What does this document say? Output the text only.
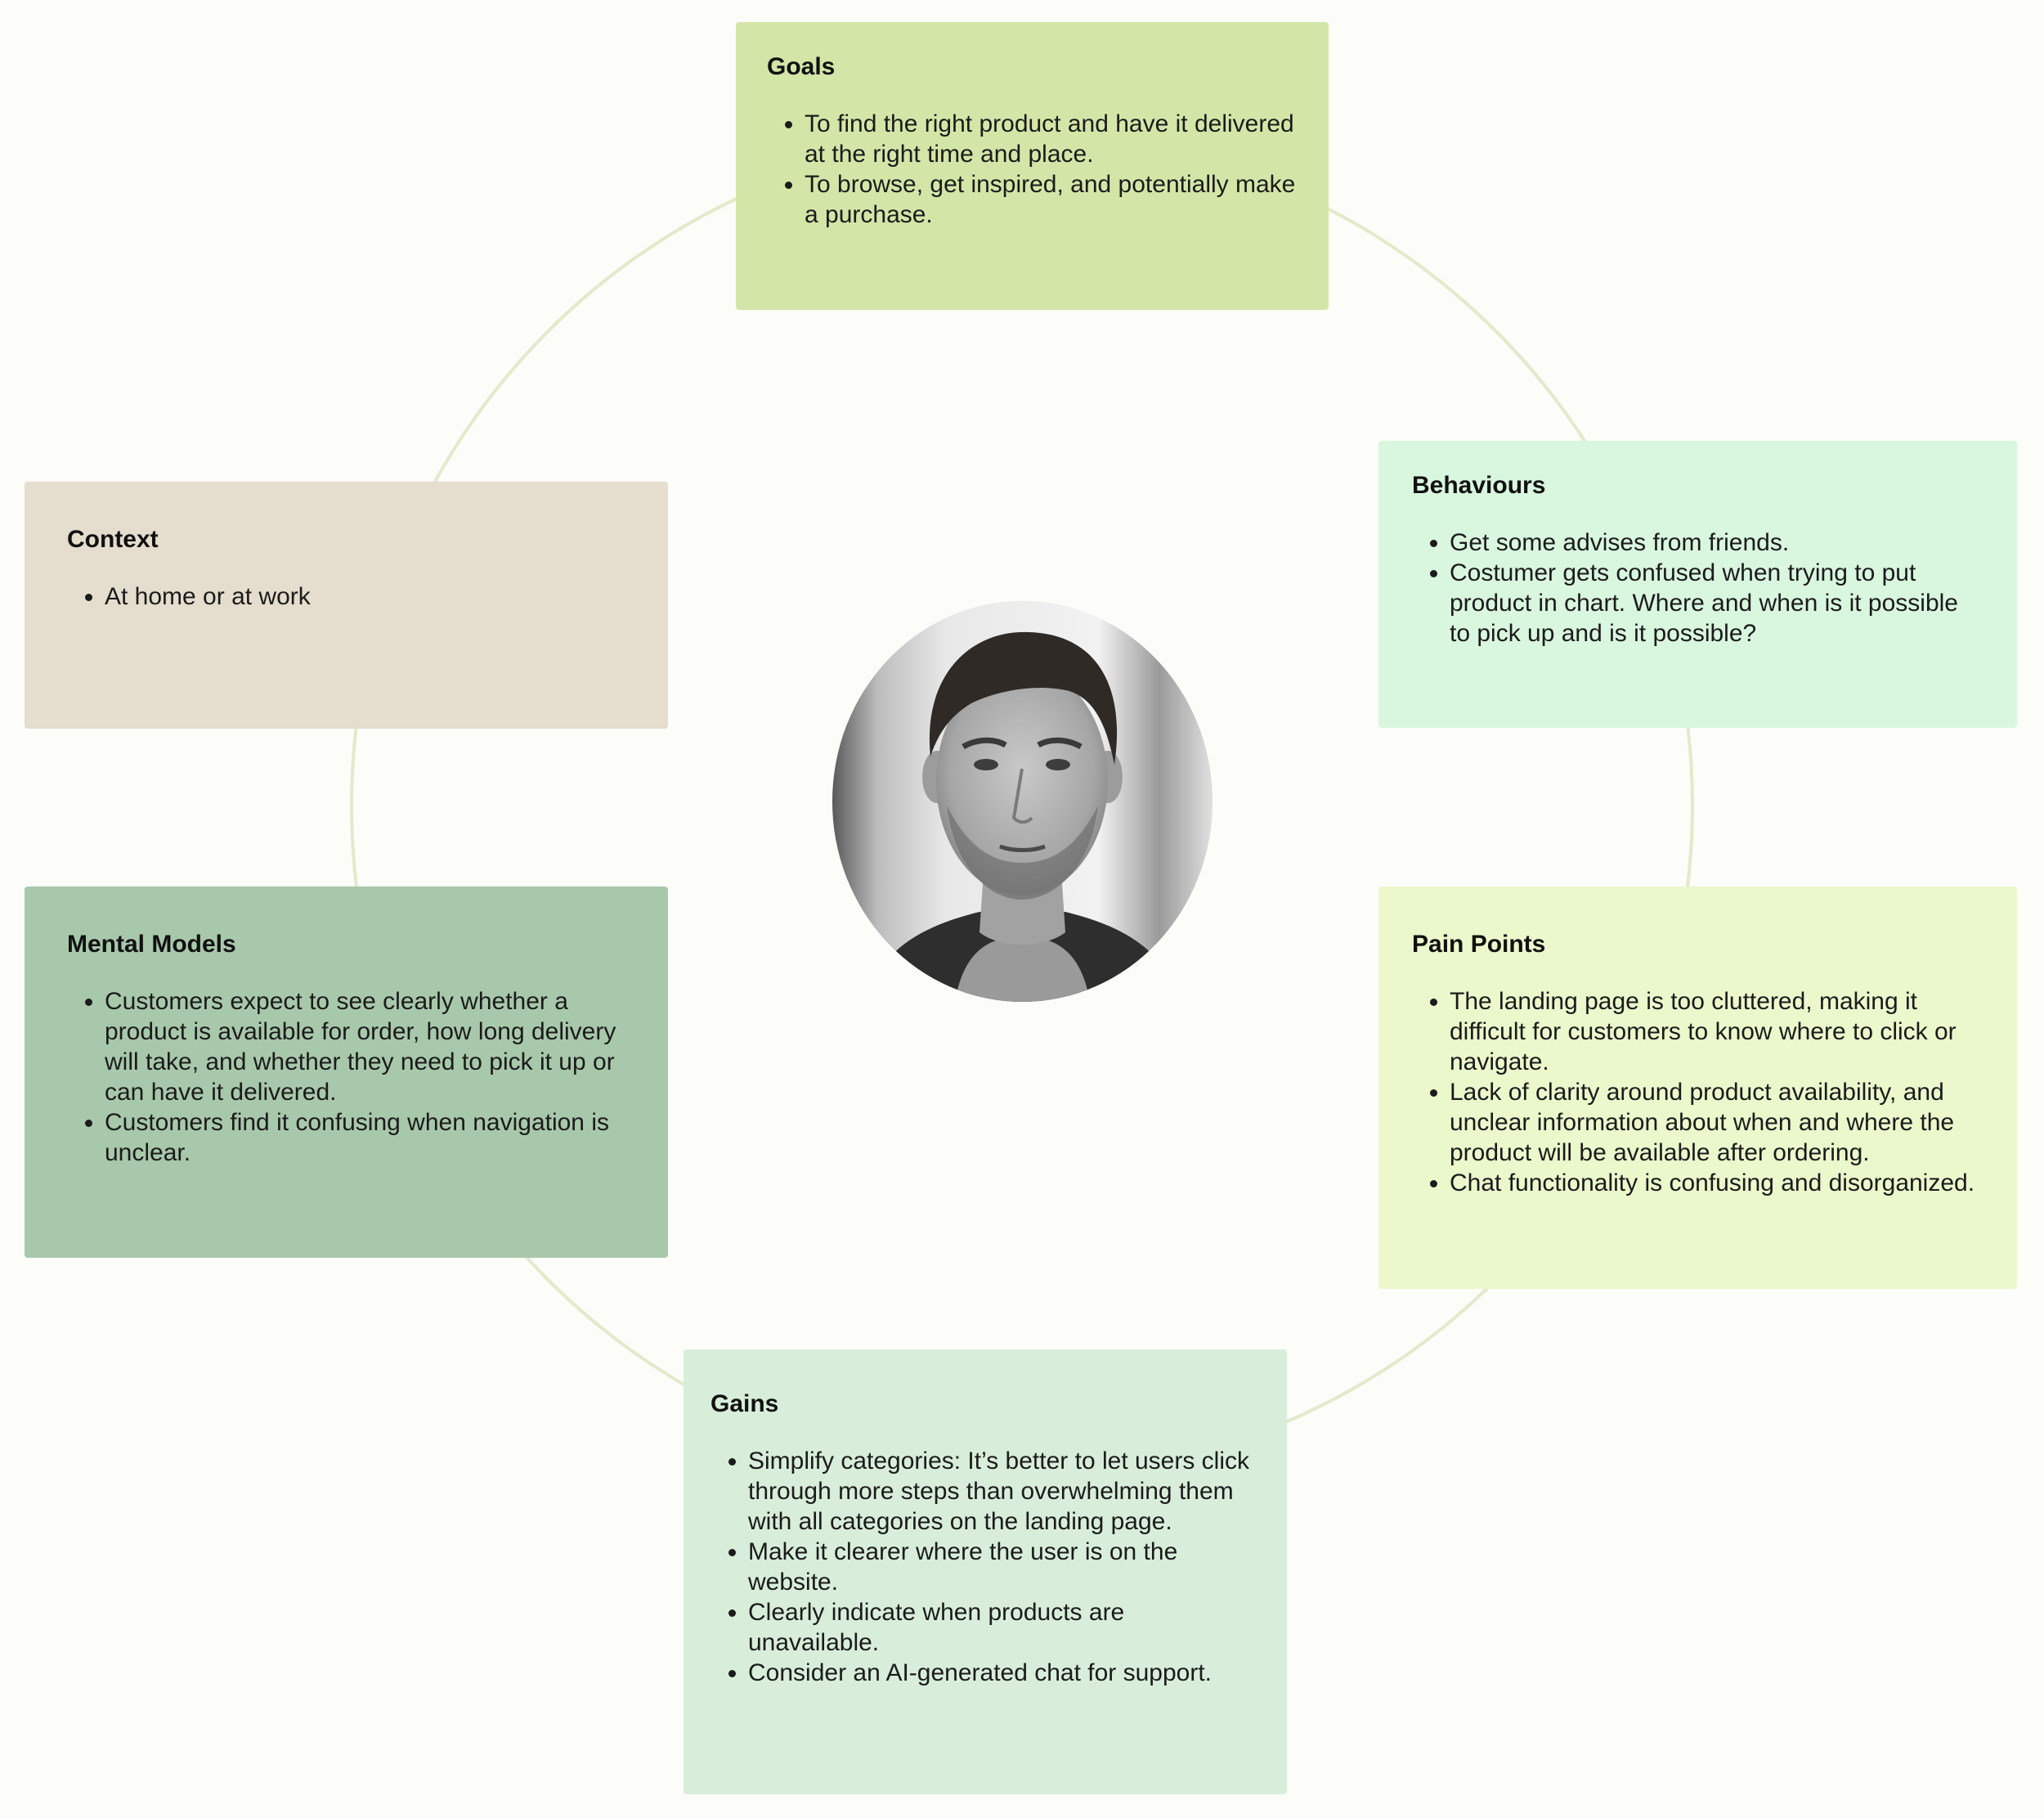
Goals
• To find the right product and have it delivered at the right time and place.
• To browse, get inspired, and potentially make a purchase.
Behaviours
• Get some advises from friends.
• Costumer gets confused when trying to put product in chart. Where and when is it possible to pick up and is it possible?
Context
• At home or at work
Mental Models
• Customers expect to see clearly whether a product is available for order, how long delivery will take, and whether they need to pick it up or can have it delivered.
• Customers find it confusing when navigation is unclear.
Pain Points
• The landing page is too cluttered, making it difficult for customers to know where to click or navigate.
• Lack of clarity around product availability, and unclear information about when and where the product will be available after ordering.
• Chat functionality is confusing and disorganized.
Gains
• Simplify categories: It’s better to let users click through more steps than overwhelming them with all categories on the landing page.
• Make it clearer where the user is on the website.
• Clearly indicate when products are unavailable.
• Consider an AI-generated chat for support.
